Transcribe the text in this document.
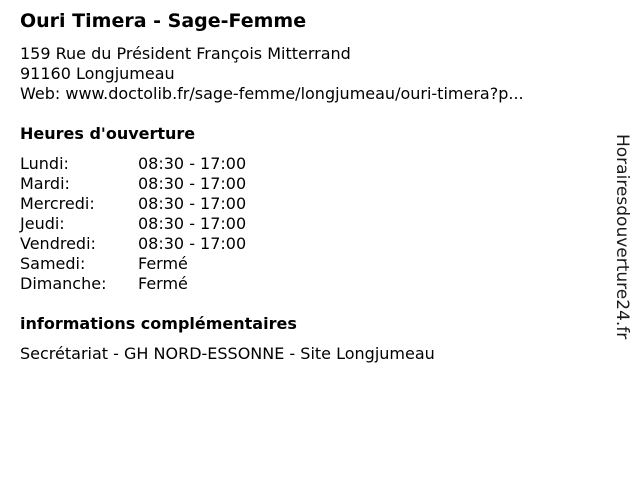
Ouri Timera - Sage-Femme
159 Rue du Président François Mitterrand
91160 Longjumeau
Web: www.doctolib.fr/sage-femme/longjumeau/ouri-timera?p...
Heures d'ouverture
Lundi:	08:30 - 17:00
Mardi:	08:30 - 17:00
Mercredi:	08:30 - 17:00
Jeudi:	08:30 - 17:00
Vendredi:	08:30 - 17:00
Samedi:	Fermé
Dimanche: Fermé
informations complémentaires
Secrétariat - GH NORD-ESSONNE - Site Longjumeau
Horairesdouverture24.fr
